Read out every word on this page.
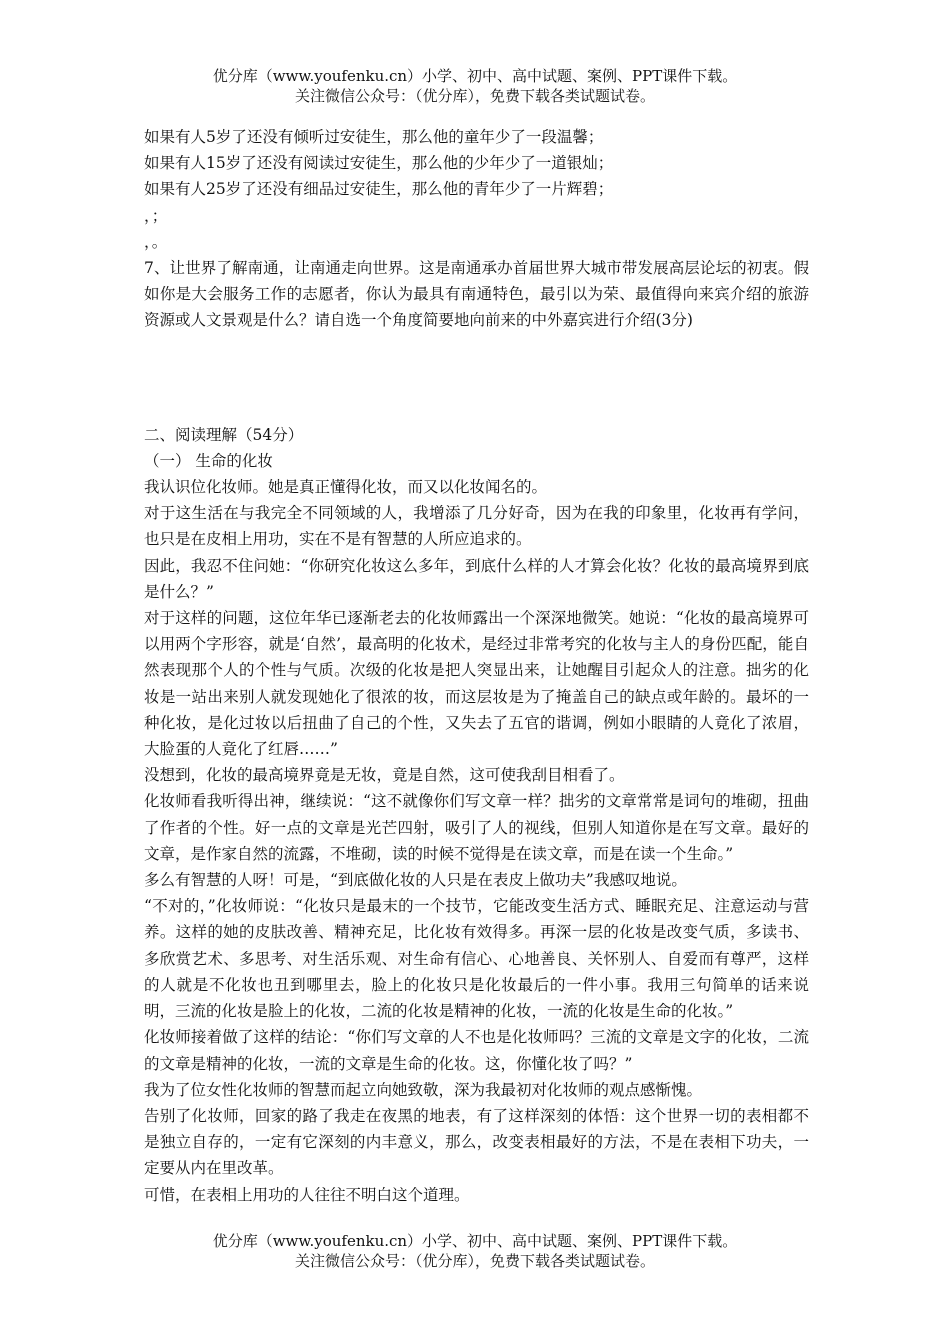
优分库（www.youfenku.cn）小学、初中、高中试题、案例、PPT课件下载。
关注微信公众号：（优分库），免费下载各类试题试卷。

如果有人5岁了还没有倾听过安徒生，那么他的童年少了一段温馨；

如果有人15岁了还没有阅读过安徒生，那么他的少年少了一道银灿；

如果有人25岁了还没有细品过安徒生，那么他的青年少了一片辉碧；

，；

，。

7、让世界了解南通，让南通走向世界。这是南通承办首届世界大城市带发展高层论坛的初衷。假如你是大会服务工作的志愿者，你认为最具有南通特色，最引以为荣、最值得向来宾介绍的旅游资源或人文景观是什么？请自选一个角度简要地向前来的中外嘉宾进行介绍(3分)

二、阅读理解（54分）

（一） 生命的化妆

我认识位化妆师。她是真正懂得化妆，而又以化妆闻名的。

对于这生活在与我完全不同领域的人，我增添了几分好奇，因为在我的印象里，化妆再有学问，也只是在皮相上用功，实在不是有智慧的人所应追求的。

因此，我忍不住问她：“你研究化妆这么多年，到底什么样的人才算会化妆？化妆的最高境界到底是什么？”

对于这样的问题，这位年华已逐渐老去的化妆师露出一个深深地微笑。她说：“化妆的最高境界可以用两个字形容，就是‘自然’，最高明的化妆术，是经过非常考究的化妆与主人的身份匹配，能自然表现那个人的个性与气质。次级的化妆是把人突显出来，让她醒目引起众人的注意。拙劣的化妆是一站出来别人就发现她化了很浓的妆，而这层妆是为了掩盖自己的缺点或年龄的。最坏的一种化妆，是化过妆以后扭曲了自己的个性，又失去了五官的谐调，例如小眼睛的人竟化了浓眉，大脸蛋的人竟化了红唇……”

没想到，化妆的最高境界竟是无妆，竟是自然，这可使我刮目相看了。

化妆师看我听得出神，继续说：“这不就像你们写文章一样？拙劣的文章常常是词句的堆砌，扭曲了作者的个性。好一点的文章是光芒四射，吸引了人的视线，但别人知道你是在写文章。最好的文章，是作家自然的流露，不堆砌，读的时候不觉得是在读文章，而是在读一个生命。”

多么有智慧的人呀！可是，“到底做化妆的人只是在表皮上做功夫”我感叹地说。

“不对的，”化妆师说：“化妆只是最末的一个技节，它能改变生活方式、睡眠充足、注意运动与营养。这样的她的皮肤改善、精神充足，比化妆有效得多。再深一层的化妆是改变气质，多读书、多欣赏艺术、多思考、对生活乐观、对生命有信心、心地善良、关怀别人、自爱而有尊严，这样的人就是不化妆也丑到哪里去，脸上的化妆只是化妆最后的一件小事。我用三句简单的话来说明，三流的化妆是脸上的化妆，二流的化妆是精神的化妆，一流的化妆是生命的化妆。”

化妆师接着做了这样的结论：“你们写文章的人不也是化妆师吗？三流的文章是文字的化妆，二流的文章是精神的化妆，一流的文章是生命的化妆。这，你懂化妆了吗？”

我为了位女性化妆师的智慧而起立向她致敬，深为我最初对化妆师的观点感惭愧。

告别了化妆师，回家的路了我走在夜黑的地表，有了这样深刻的体悟：这个世界一切的表相都不是独立自存的，一定有它深刻的内丰意义，那么，改变表相最好的方法，不是在表相下功夫，一定要从内在里改革。

可惜，在表相上用功的人往往不明白这个道理。

优分库（www.youfenku.cn）小学、初中、高中试题、案例、PPT课件下载。
关注微信公众号：（优分库），免费下载各类试题试卷。
